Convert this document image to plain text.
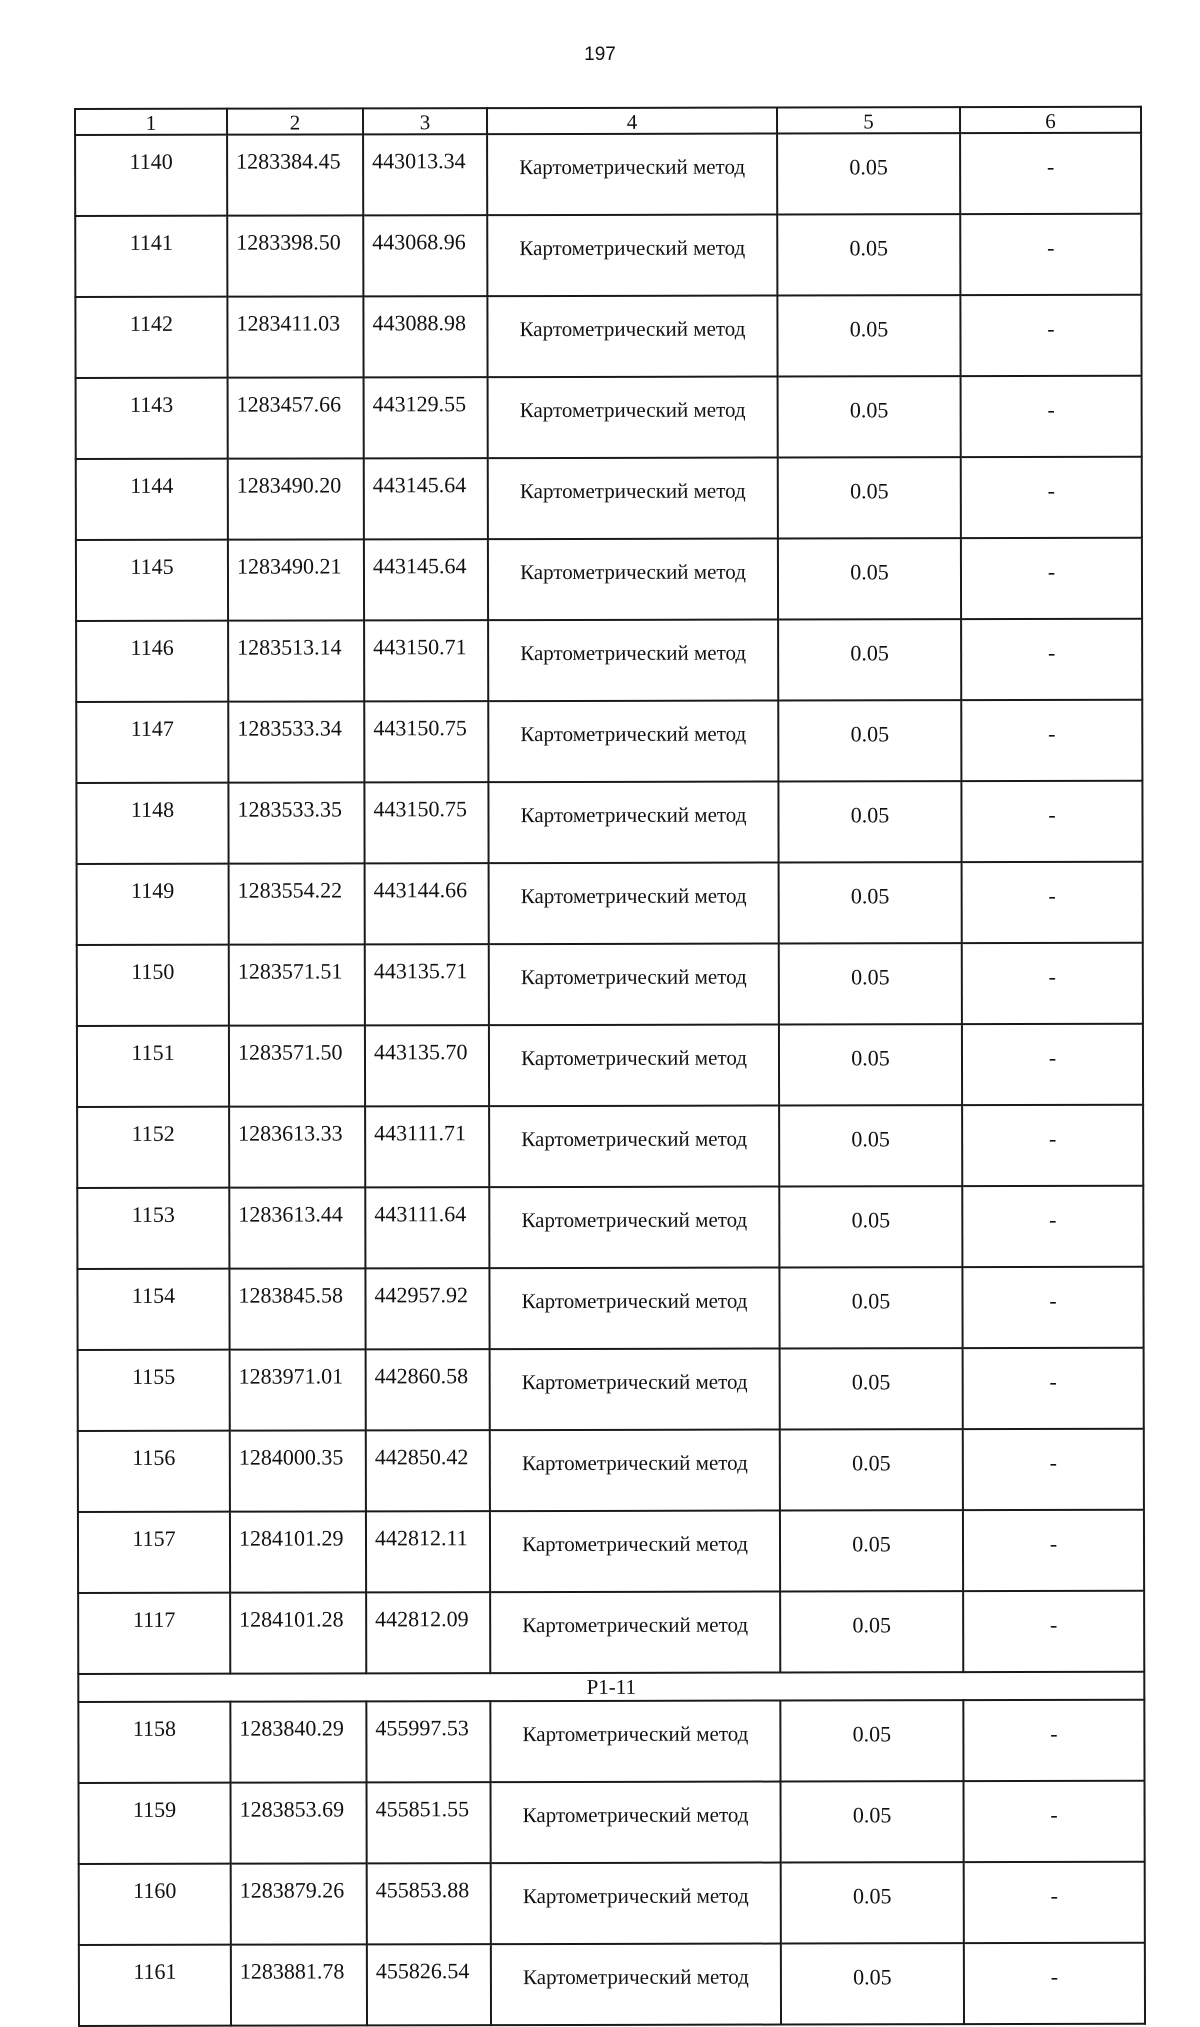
197
1	2	3	4	5	6
1140	1283384.45	443013.34	Картометрический метод	0.05	-
1141	1283398.50	443068.96	Картометрический метод	0.05	-
1142	1283411.03	443088.98	Картометрический метод	0.05	-
1143	1283457.66	443129.55	Картометрический метод	0.05	-
1144	1283490.20	443145.64	Картометрический метод	0.05	-
1145	1283490.21	443145.64	Картометрический метод	0.05	-
1146	1283513.14	443150.71	Картометрический метод	0.05	-
1147	1283533.34	443150.75	Картометрический метод	0.05	-
1148	1283533.35	443150.75	Картометрический метод	0.05	-
1149	1283554.22	443144.66	Картометрический метод	0.05	-
1150	1283571.51	443135.71	Картометрический метод	0.05	-
1151	1283571.50	443135.70	Картометрический метод	0.05	-
1152	1283613.33	443111.71	Картометрический метод	0.05	-
1153	1283613.44	443111.64	Картометрический метод	0.05	-
1154	1283845.58	442957.92	Картометрический метод	0.05	-
1155	1283971.01	442860.58	Картометрический метод	0.05	-
1156	1284000.35	442850.42	Картометрический метод	0.05	-
1157	1284101.29	442812.11	Картометрический метод	0.05	-
1117	1284101.28	442812.09	Картометрический метод	0.05	-
Р1-11					
1158	1283840.29	455997.53	Картометрический метод	0.05	-
1159	1283853.69	455851.55	Картометрический метод	0.05	-
1160	1283879.26	455853.88	Картометрический метод	0.05	-
1161	1283881.78	455826.54	Картометрический метод	0.05	-
